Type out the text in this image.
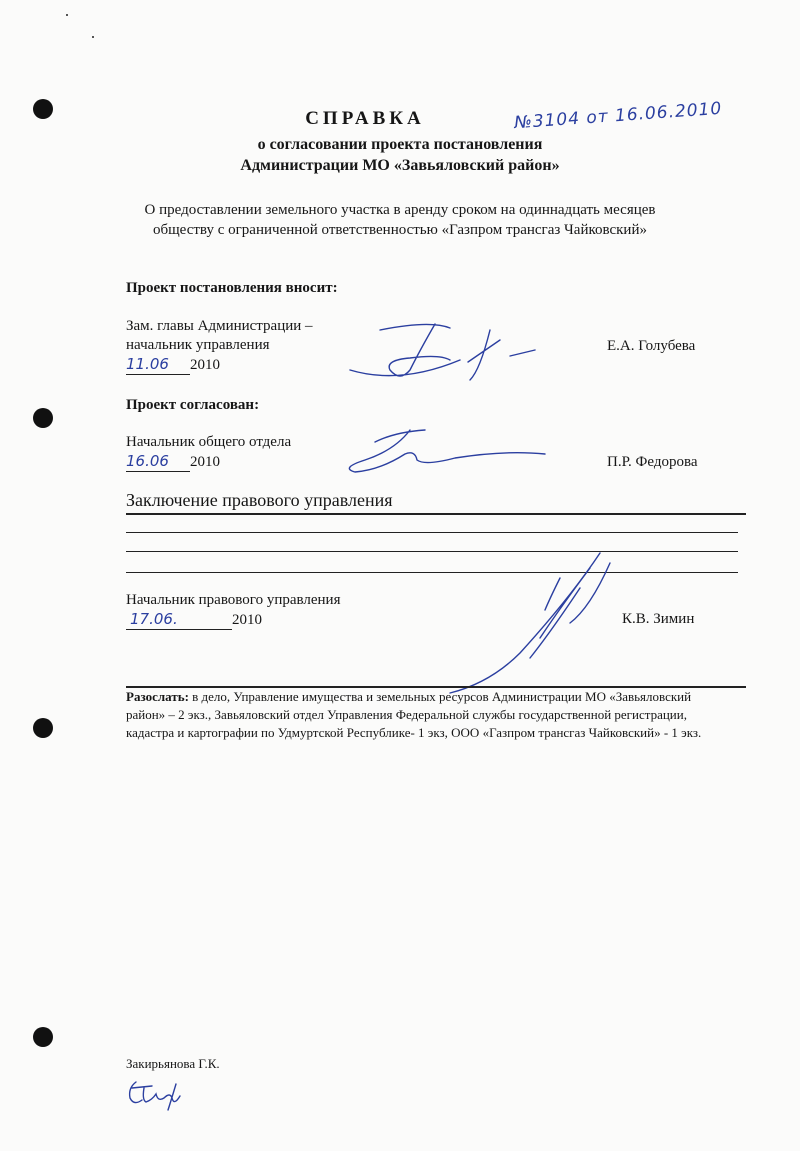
СПРАВКА	№3104 от 16.06.2010
о согласовании проекта постановления
Администрации МО «Завьяловский район»
О предоставлении земельного участка в аренду сроком на одиннадцать месяцев
обществу с ограниченной ответственностью «Газпром трансгаз Чайковский»
Проект постановления вносит:
Зам. главы Администрации –
начальник управления
11.06 2010
Е.А. Голубева
Проект согласован:
Начальник общего отдела
16.06 2010	П.Р. Федорова
Заключение правового управления
Начальник правового управления
17.06.	2010	К.В. Зимин
Разослать: в дело, Управление имущества и земельных ресурсов Администрации МО «Завьяловский район» – 2 экз., Завьяловский отдел Управления Федеральной службы государственной регистрации, кадастра и картографии по Удмуртской Республике- 1 экз, ООО «Газпром трансгаз Чайковский» - 1 экз.
Закирьянова Г.К.
